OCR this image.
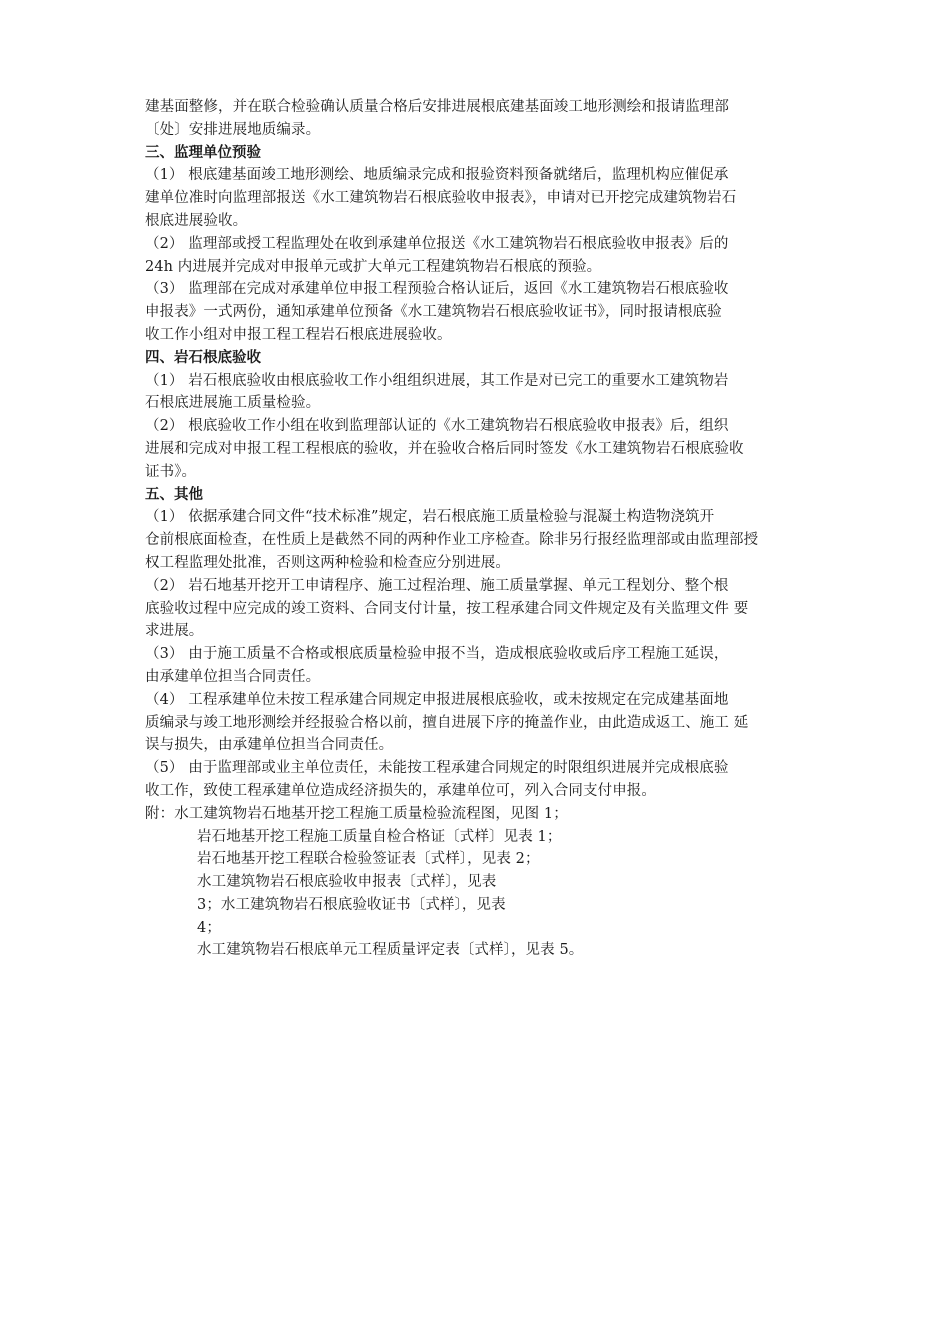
建基面整修，并在联合检验确认质量合格后安排进展根底建基面竣工地形测绘和报请监理部
〔处〕安排进展地质编录。
三、监理单位预验
（1） 根底建基面竣工地形测绘、地质编录完成和报验资料预备就绪后，监理机构应催促承
建单位准时向监理部报送《水工建筑物岩石根底验收申报表》，申请对已开挖完成建筑物岩石
根底进展验收。
（2） 监理部或授工程监理处在收到承建单位报送《水工建筑物岩石根底验收申报表》后的
24h 内进展并完成对申报单元或扩大单元工程建筑物岩石根底的预验。
（3） 监理部在完成对承建单位申报工程预验合格认证后，返回《水工建筑物岩石根底验收
申报表》一式两份，通知承建单位预备《水工建筑物岩石根底验收证书》，同时报请根底验
收工作小组对申报工程工程岩石根底进展验收。
四、岩石根底验收
（1） 岩石根底验收由根底验收工作小组组织进展，其工作是对已完工的重要水工建筑物岩
石根底进展施工质量检验。
（2） 根底验收工作小组在收到监理部认证的《水工建筑物岩石根底验收申报表》后，组织
进展和完成对申报工程工程根底的验收，并在验收合格后同时签发《水工建筑物岩石根底验收
证书》。
五、其他
（1） 依据承建合同文件“技术标准”规定，岩石根底施工质量检验与混凝土构造物浇筑开
仓前根底面检查，在性质上是截然不同的两种作业工序检查。除非另行报经监理部或由监理部授
权工程监理处批准，否则这两种检验和检查应分别进展。
（2） 岩石地基开挖开工申请程序、施工过程治理、施工质量掌握、单元工程划分、整个根
底验收过程中应完成的竣工资料、合同支付计量，按工程承建合同文件规定及有关监理文件 要
求进展。
（3） 由于施工质量不合格或根底质量检验申报不当，造成根底验收或后序工程施工延误，
由承建单位担当合同责任。
（4） 工程承建单位未按工程承建合同规定申报进展根底验收，或未按规定在完成建基面地
质编录与竣工地形测绘并经报验合格以前，擅自进展下序的掩盖作业，由此造成返工、施工 延
误与损失，由承建单位担当合同责任。
（5） 由于监理部或业主单位责任，未能按工程承建合同规定的时限组织进展并完成根底验
收工作，致使工程承建单位造成经济损失的，承建单位可，列入合同支付申报。
附：水工建筑物岩石地基开挖工程施工质量检验流程图，见图 1；
岩石地基开挖工程施工质量自检合格证〔式样〕见表 1；
岩石地基开挖工程联合检验签证表〔式样〕，见表 2；
水工建筑物岩石根底验收申报表〔式样〕，见表
3；水工建筑物岩石根底验收证书〔式样〕，见表
4；
水工建筑物岩石根底单元工程质量评定表〔式样〕，见表 5。
